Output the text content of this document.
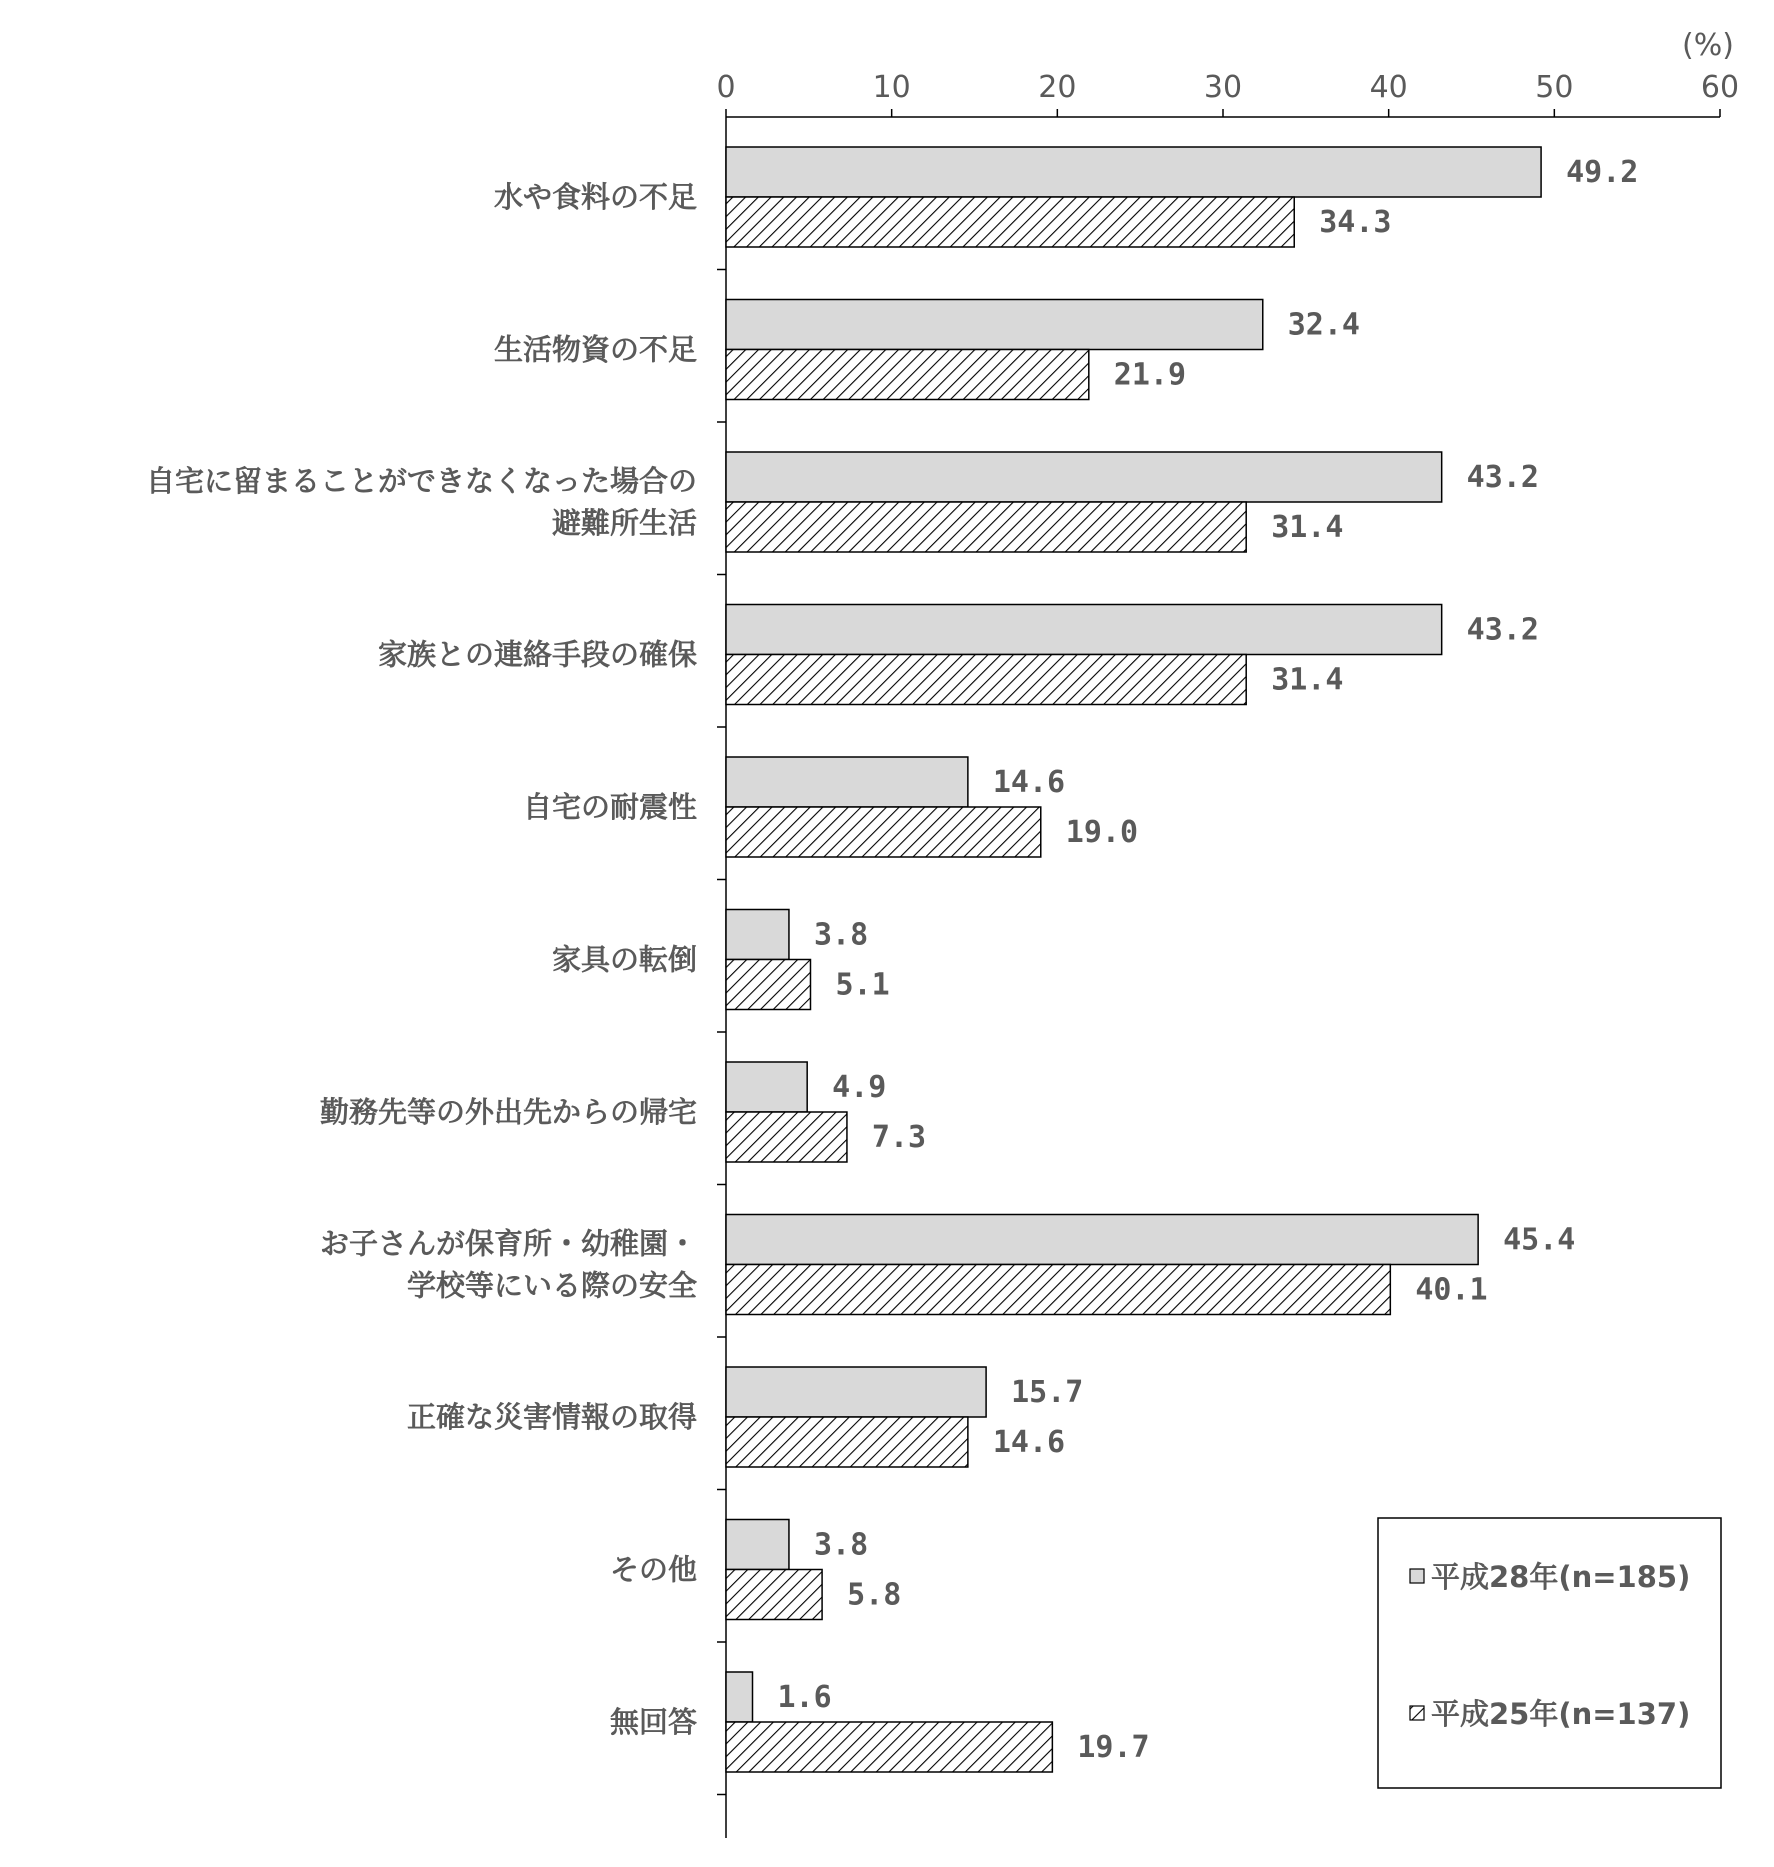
0	10	20	30	40	50	60
(%)
49.2
34.3
水や食料の不足
32.4
21.9
生活物資の不足
43.2
31.4
自宅に留まることができなくなった場合の
避難所生活
43.2
31.4
家族との連絡手段の確保
14.6
19.0
自宅の耐震性
3.8
5.1
家具の転倒
4.9
7.3
勤務先等の外出先からの帰宅
45.4
40.1
お子さんが保育所・幼稚園・
学校等にいる際の安全
15.7
14.6
正確な災害情報の取得
3.8
5.8
その他
1.6
19.7
無回答
平成28年(n=185)
平成25年(n=137)
